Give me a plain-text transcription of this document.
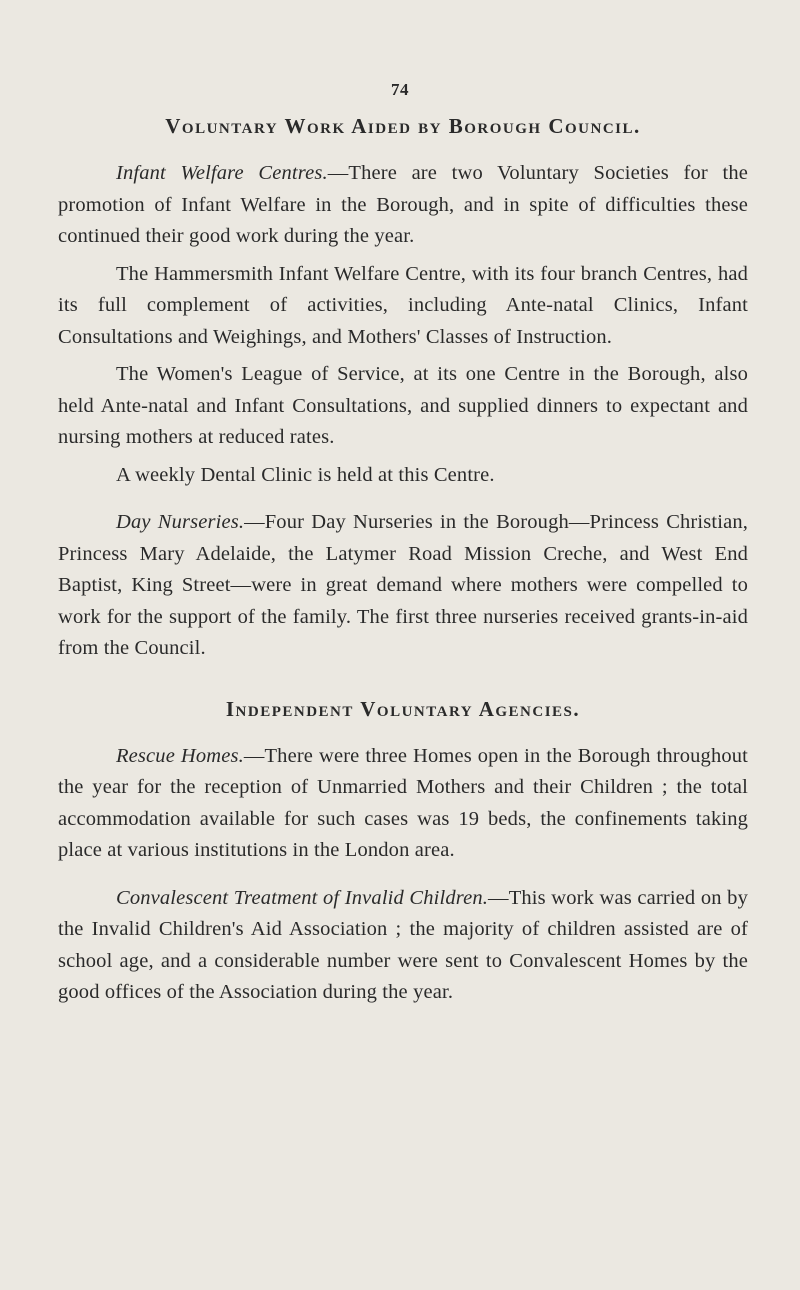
74
Voluntary Work Aided by Borough Council.

Infant Welfare Centres.—There are two Voluntary Societies for the promotion of Infant Welfare in the Borough, and in spite of difficulties these continued their good work during the year.

The Hammersmith Infant Welfare Centre, with its four branch Centres, had its full complement of activities, including Ante-natal Clinics, Infant Consultations and Weighings, and Mothers' Classes of Instruction.

The Women's League of Service, at its one Centre in the Borough, also held Ante-natal and Infant Consultations, and supplied dinners to expectant and nursing mothers at reduced rates.

A weekly Dental Clinic is held at this Centre.

Day Nurseries.—Four Day Nurseries in the Borough—Princess Christian, Princess Mary Adelaide, the Latymer Road Mission Creche, and West End Baptist, King Street—were in great demand where mothers were compelled to work for the support of the family. The first three nurseries received grants-in-aid from the Council.

Independent Voluntary Agencies.

Rescue Homes.—There were three Homes open in the Borough throughout the year for the reception of Unmarried Mothers and their Children ; the total accommodation available for such cases was 19 beds, the confinements taking place at various institutions in the London area.

Convalescent Treatment of Invalid Children.—This work was carried on by the Invalid Children's Aid Association ; the majority of children assisted are of school age, and a considerable number were sent to Convalescent Homes by the good offices of the Association during the year.
